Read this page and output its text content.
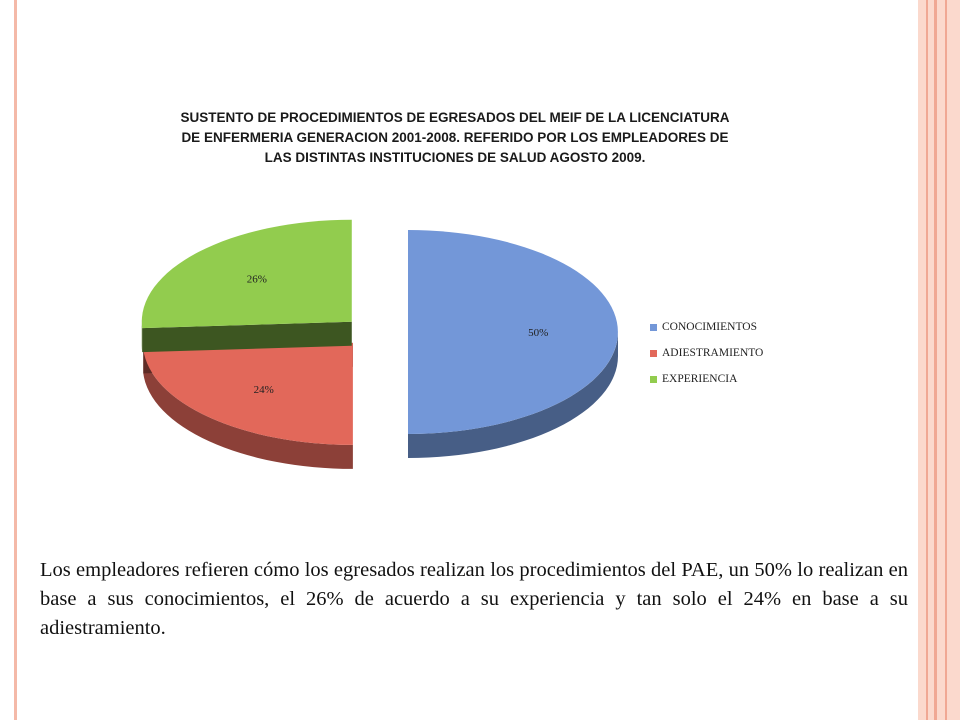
SUSTENTO DE PROCEDIMIENTOS DE EGRESADOS DEL MEIF DE LA LICENCIATURA DE ENFERMERIA GENERACION 2001-2008. REFERIDO POR LOS EMPLEADORES DE LAS DISTINTAS INSTITUCIONES DE SALUD AGOSTO 2009.
50%
24%
26%
CONOCIMIENTOS
ADIESTRAMIENTO
EXPERIENCIA
Los empleadores refieren cómo los egresados realizan los procedimientos del PAE, un 50% lo realizan en base a sus conocimientos, el 26% de acuerdo a su experiencia y tan solo el 24% en base a su adiestramiento.
